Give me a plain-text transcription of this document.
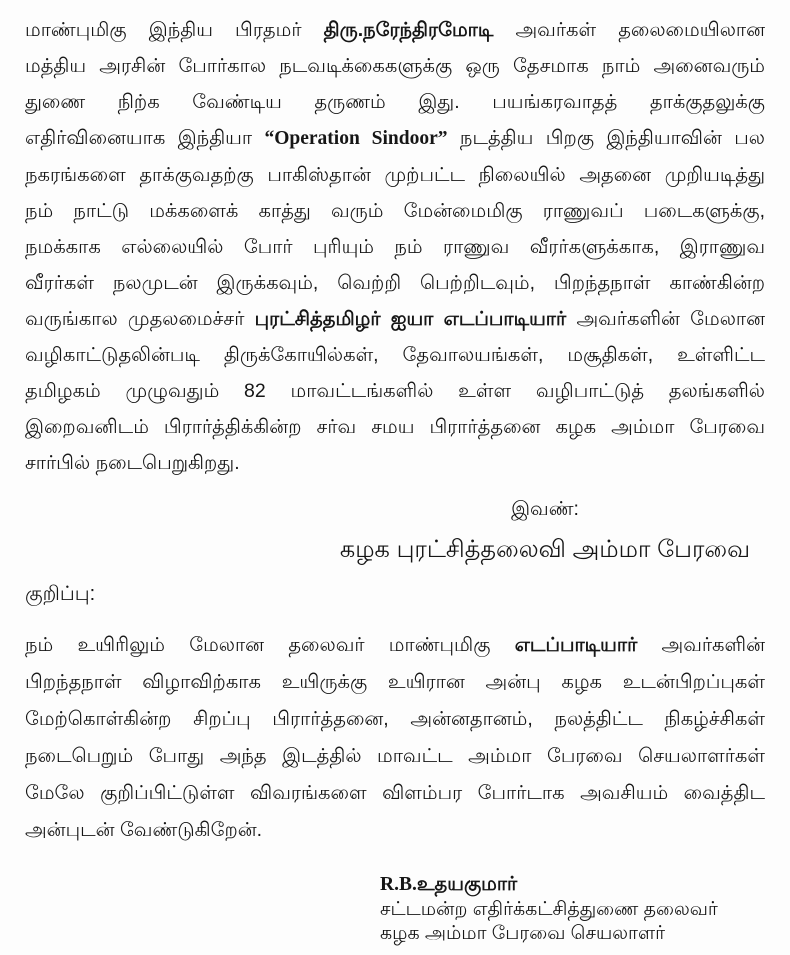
மாண்புமிகு இந்திய பிரதமர் திரு.நரேந்திரமோடி அவர்கள் தலைமையிலான
மத்திய அரசின் போர்கால நடவடிக்கைகளுக்கு ஒரு தேசமாக நாம் அனைவரும்
துணை நிற்க வேண்டிய தருணம் இது. பயங்கரவாதத் தாக்குதலுக்கு
எதிர்வினையாக இந்தியா “Operation Sindoor” நடத்திய பிறகு இந்தியாவின் பல
நகரங்களை தாக்குவதற்கு பாகிஸ்தான் முற்பட்ட நிலையில் அதனை முறியடித்து
நம் நாட்டு மக்களைக் காத்து வரும் மேன்மைமிகு ராணுவப் படைகளுக்கு,
நமக்காக எல்லையில் போர் புரியும் நம் ராணுவ வீரர்களுக்காக, இராணுவ
வீரர்கள் நலமுடன் இருக்கவும், வெற்றி பெற்றிடவும், பிறந்தநாள் காண்கின்ற
வருங்கால முதலமைச்சர் புரட்சித்தமிழர் ஐயா எடப்பாடியார் அவர்களின் மேலான
வழிகாட்டுதலின்படி திருக்கோயில்கள், தேவாலயங்கள், மசூதிகள், உள்ளிட்ட
தமிழகம் முழுவதும் 82 மாவட்டங்களில் உள்ள வழிபாட்டுத் தலங்களில்
இறைவனிடம் பிரார்த்திக்கின்ற சர்வ சமய பிரார்த்தனை கழக அம்மா பேரவை
சார்பில் நடைபெறுகிறது.
இவண்:
கழக புரட்சித்தலைவி அம்மா பேரவை
குறிப்பு:
நம் உயிரிலும் மேலான தலைவர் மாண்புமிகு எடப்பாடியார் அவர்களின்
பிறந்தநாள் விழாவிற்காக உயிருக்கு உயிரான அன்பு கழக உடன்பிறப்புகள்
மேற்கொள்கின்ற சிறப்பு பிரார்த்தனை, அன்னதானம், நலத்திட்ட நிகழ்ச்சிகள்
நடைபெறும் போது அந்த இடத்தில் மாவட்ட அம்மா பேரவை செயலாளர்கள்
மேலே குறிப்பிட்டுள்ள விவரங்களை விளம்பர போர்டாக அவசியம் வைத்திட
அன்புடன் வேண்டுகிறேன்.
R.B.உதயகுமார்
சட்டமன்ற எதிர்க்கட்சித்துணை தலைவர்
கழக அம்மா பேரவை செயலாளர்
